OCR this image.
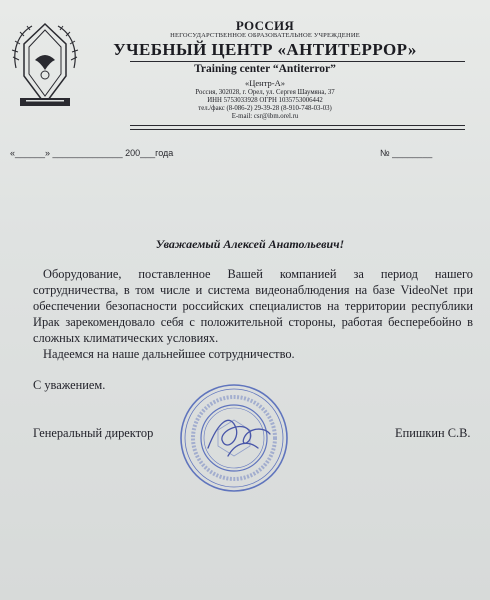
РОССИЯ
НЕГОСУДАРСТВЕННОЕ ОБРАЗОВАТЕЛЬНОЕ УЧРЕЖДЕНИЕ
УЧЕБНЫЙ ЦЕНТР «АНТИТЕРРОР»
Training center “Antiterror”
«Центр-А»
Россия, 302028, г. Орел, ул. Сергея Шаумяна, 37
ИНН 5753033928 ОГРН 1035753006442
тел./факс (8-086-2) 29-39-28 (8-910-748-03-03)
E-mail: csr@ibm.orel.ru
«______» ______________ 200___года	№ ________
Уважаемый Алексей Анатольевич!

Оборудование, поставленное Вашей компанией за период нашего сотрудничества, в том числе и система видеонаблюдения на базе VideoNet при обеспечении безопасности российских специалистов на территории республики Ирак зарекомендовало себя с положительной стороны, работая бесперебойно в сложных климатических условиях.

Надеемся на наше дальнейшее сотрудничество.

С уважением.
Генеральный директор	Епишкин С.В.
